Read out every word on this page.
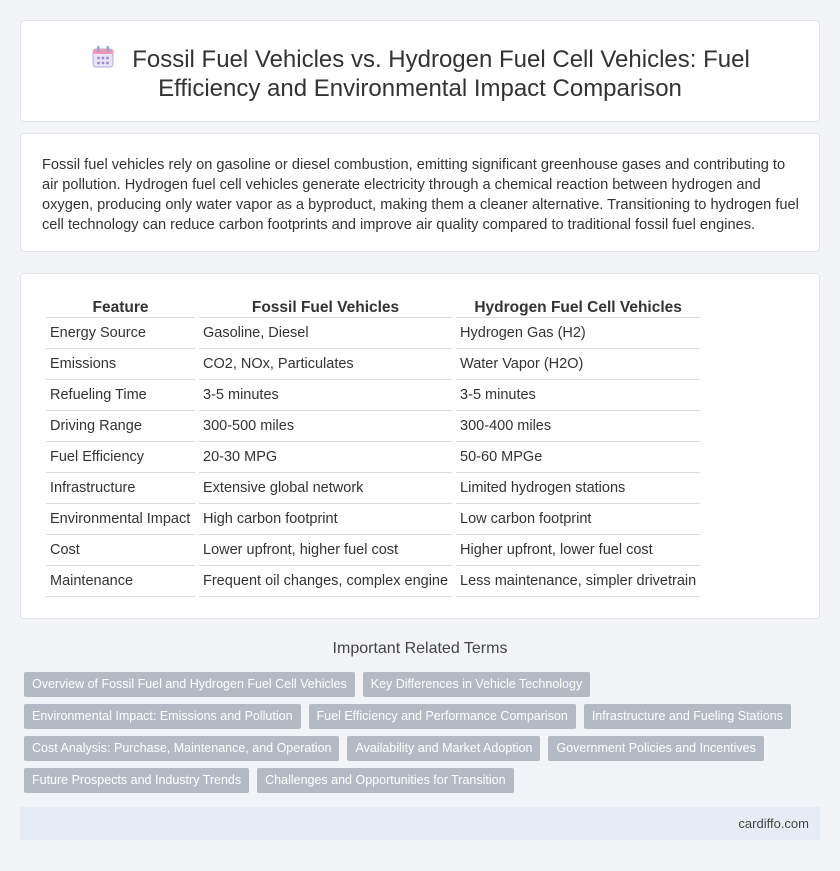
Fossil Fuel Vehicles vs. Hydrogen Fuel Cell Vehicles: Fuel
Efficiency and Environmental Impact Comparison

Fossil fuel vehicles rely on gasoline or diesel combustion, emitting significant greenhouse gases and contributing to air pollution. Hydrogen fuel cell vehicles generate electricity through a chemical reaction between hydrogen and oxygen, producing only water vapor as a byproduct, making them a cleaner alternative. Transitioning to hydrogen fuel cell technology can reduce carbon footprints and improve air quality compared to traditional fossil fuel engines.

Feature	Fossil Fuel Vehicles	Hydrogen Fuel Cell Vehicles
Energy Source	Gasoline, Diesel	Hydrogen Gas (H2)
Emissions	CO2, NOx, Particulates	Water Vapor (H2O)
Refueling Time	3-5 minutes	3-5 minutes
Driving Range	300-500 miles	300-400 miles
Fuel Efficiency	20-30 MPG	50-60 MPGe
Infrastructure	Extensive global network	Limited hydrogen stations
Environmental Impact	High carbon footprint	Low carbon footprint
Cost	Lower upfront, higher fuel cost	Higher upfront, lower fuel cost
Maintenance	Frequent oil changes, complex engine	Less maintenance, simpler drivetrain
Important Related Terms
Overview of Fossil Fuel and Hydrogen Fuel Cell Vehicles Key Differences in Vehicle Technology
Environmental Impact: Emissions and Pollution Fuel Efficiency and Performance Comparison Infrastructure and Fueling Stations
Cost Analysis: Purchase, Maintenance, and Operation Availability and Market Adoption Government Policies and Incentives
Future Prospects and Industry Trends Challenges and Opportunities for Transition
cardiffo.com
